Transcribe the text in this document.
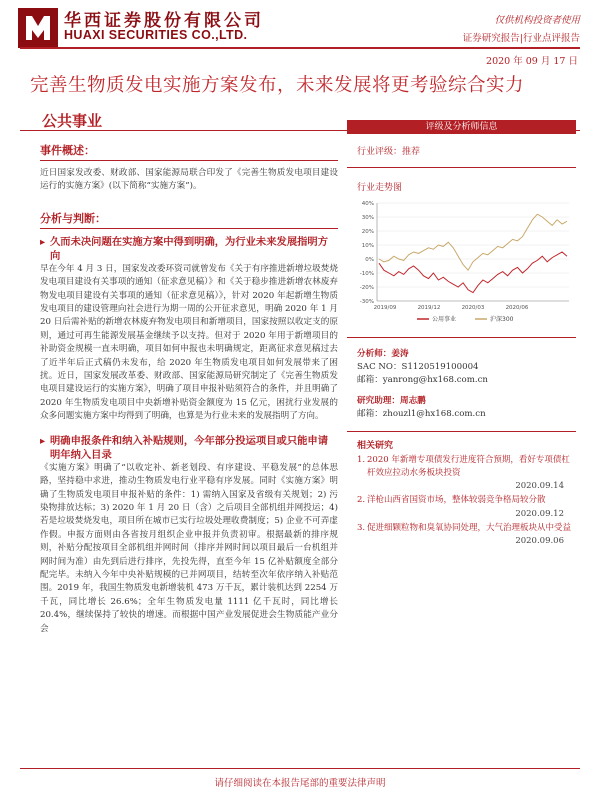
华西证券股份有限公司
HUAXI SECURITIES CO.,LTD.
仅供机构投资者使用
证券研究报告|行业点评报告
2020 年 09 月 17 日
完善生物质发电实施方案发布，未来发展将更考验综合实力
公共事业
事件概述：
近日国家发改委、财政部、国家能源局联合印发了《完善生物质发电项目建设运行的实施方案》(以下简称“实施方案”)。
分析与判断：
▸ 久而未决问题在实施方案中得到明确，为行业未来发展指明方向
早在今年 4 月 3 日，国家发改委环资司就曾发布《关于有序推进新增垃圾焚烧发电项目建设有关事项的通知（征求意见稿）》和《关于稳步推进新增农林废弃物发电项目建设有关事项的通知（征求意见稿）》，针对 2020 年起新增生物质发电项目的建设管理向社会进行为期一周的公开征求意见，明确 2020 年 1 月 20 日后需补贴的新增农林废弃物发电项目和新增项目，国家按照以收定支的原则，通过可再生能源发展基金继续予以支持。但对于 2020 年用于新增项目的补助资金规模一直未明确，项目如何申报也未明确规定，距离征求意见稿过去了近半年后正式稿仍未发布，给 2020 年生物质发电项目如何发展带来了困扰。近日，国家发展改革委、财政部、国家能源局研究制定了《完善生物质发电项目建设运行的实施方案》，明确了项目申报补贴须符合的条件，并且明确了 2020 年生物质发电项目中央新增补贴资金额度为 15 亿元，困扰行业发展的众多问题实施方案中均得到了明确，也算是为行业未来的发展指明了方向。
▸ 明确申报条件和纳入补贴规则，今年部分投运项目或只能申请明年纳入目录
《实施方案》明确了“以收定补、新老划段、有序建设、平稳发展”的总体思路，坚持稳中求进，推动生物质发电行业平稳有序发展。同时《实施方案》明确了生物质发电项目申报补贴的条件：1) 需纳入国家及省级有关规划；2) 污染物排放达标；3) 2020 年 1 月 20 日（含）之后项目全部机组并网投运；4) 若是垃圾焚烧发电，项目所在城市已实行垃圾处理收费制度；5) 企业不可弄虚作假。申报方面则由各省按月组织企业申报并负责初审。根据最新的排序规则，补贴分配按项目全部机组并网时间（排序并网时间以项目最后一台机组并网时间为准）由先到后进行排序，先投先得，直至今年 15 亿补贴额度全部分配完毕。未纳入今年中央补贴规模的已并网项目，结转至次年依序纳入补贴范围。2019 年，我国生物质发电新增装机 473 万千瓦，累计装机达到 2254 万千瓦，同比增长 26.6%；全年生物质发电量 1111 亿千瓦时，同比增长 20.4%，继续保持了较快的增速。而根据中国产业发展促进会生物质能产业分会
评级及分析师信息
行业评级：推荐
行业走势图
-30%
-20%
-10%
0%
10%
20%
30%
40%
2019/09	2019/12	2020/03	2020/06
公用事业	沪深300
分析师：姜涛
SAC NO：S1120519100004
邮箱：yanrong@hx168.com.cn
研究助理：周志鹏
邮箱：zhouzl1@hx168.com.cn
相关研究
1. 2020 年新增专项债发行进度符合预期，看好专项债杠杆效应拉动水务板块投资
2020.09.14
2. 洋枪山西省国资市场，整体较弱竞争格局较分散
2020.09.12
3. 促进细颗粒物和臭氧协同处理，大气治理板块从中受益
2020.09.06
请仔细阅读在本报告尾部的重要法律声明
